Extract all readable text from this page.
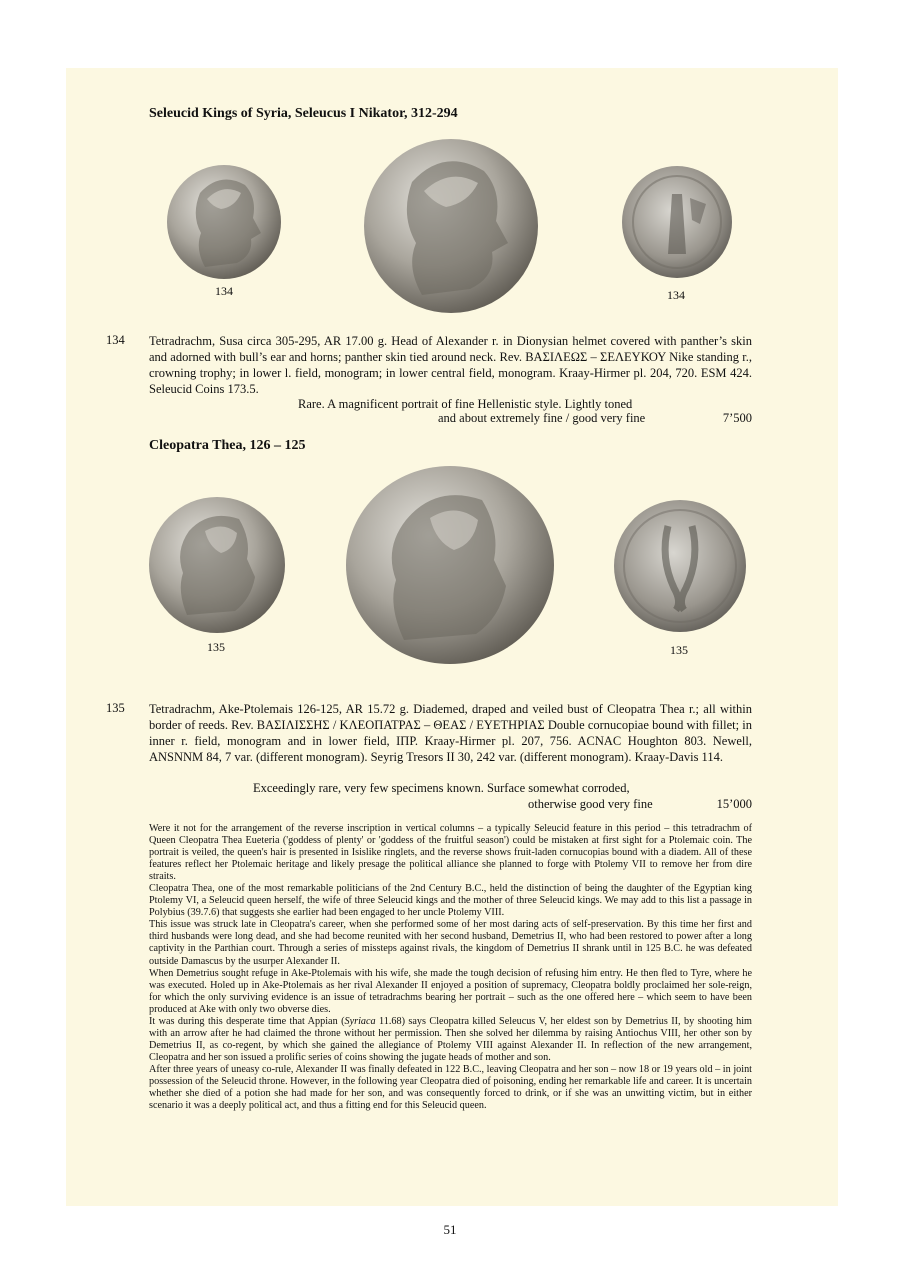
Seleucid Kings of Syria, Seleucus I Nikator, 312-294
134	134
134 Tetradrachm, Susa circa 305-295, AR 17.00 g. Head of Alexander r. in Dionysian helmet covered with panther’s skin and adorned with bull’s ear and horns; panther skin tied around neck. Rev. ΒΑΣΙΛΕΩΣ – ΣΕΛΕΥΚΟΥ Nike standing r., crowning trophy; in lower l. field, monogram; in lower central field, monogram. Kraay-Hirmer pl. 204, 720. ESM 424. Seleucid Coins 173.5.
Rare. A magnificent portrait of fine Hellenistic style. Lightly toned
and about extremely fine / good very fine	7’500
Cleopatra Thea, 126 – 125
135	135
135 Tetradrachm, Ake-Ptolemais 126-125, AR 15.72 g. Diademed, draped and veiled bust of Cleopatra Thea r.; all within border of reeds. Rev. ΒΑΣΙΛΙΣΣΗΣ / ΚΛΕΟΠΑΤΡΑΣ – ΘΕΑΣ / ΕΥΕΤΗΡΙΑΣ Double cornucopiae bound with fillet; in inner r. field, monogram and in lower field, ΙΠΡ. Kraay-Hirmer pl. 207, 756. ACNAC Houghton 803. Newell, ANSNNM 84, 7 var. (different monogram). Seyrig Tresors II 30, 242 var. (different monogram). Kraay-Davis 114.
Exceedingly rare, very few specimens known. Surface somewhat corroded,
otherwise good very fine	15’000

Were it not for the arrangement of the reverse inscription in vertical columns – a typically Seleucid feature in this period – this tetradrachm of Queen Cleopatra Thea Eueteria ('goddess of plenty' or 'goddess of the fruitful season') could be mistaken at first sight for a Ptolemaic coin. The portrait is veiled, the queen's hair is presented in Isislike ringlets, and the reverse shows fruit-laden cornucopias bound with a diadem. All of these features reflect her Ptolemaic heritage and likely presage the political alliance she planned to forge with Ptolemy VII to remove her from dire straits.

Cleopatra Thea, one of the most remarkable politicians of the 2nd Century B.C., held the distinction of being the daughter of the Egyptian king Ptolemy VI, a Seleucid queen herself, the wife of three Seleucid kings and the mother of three Seleucid kings. We may add to this list a passage in Polybius (39.7.6) that suggests she earlier had been engaged to her uncle Ptolemy VIII.

This issue was struck late in Cleopatra's career, when she performed some of her most daring acts of self-preservation. By this time her first and third husbands were long dead, and she had become reunited with her second husband, Demetrius II, who had been restored to power after a long captivity in the Parthian court. Through a series of missteps against rivals, the kingdom of Demetrius II shrank until in 125 B.C. he was defeated outside Damascus by the usurper Alexander II.

When Demetrius sought refuge in Ake-Ptolemais with his wife, she made the tough decision of refusing him entry. He then fled to Tyre, where he was executed. Holed up in Ake-Ptolemais as her rival Alexander II enjoyed a position of supremacy, Cleopatra boldly proclaimed her sole-reign, for which the only surviving evidence is an issue of tetradrachms bearing her portrait – such as the one offered here – which seem to have been produced at Ake with only two obverse dies.

It was during this desperate time that Appian (Syriaca 11.68) says Cleopatra killed Seleucus V, her eldest son by Demetrius II, by shooting him with an arrow after he had claimed the throne without her permission. Then she solved her dilemma by raising Antiochus VIII, her other son by Demetrius II, as co-regent, by which she gained the allegiance of Ptolemy VIII against Alexander II. In reflection of the new arrangement, Cleopatra and her son issued a prolific series of coins showing the jugate heads of mother and son.

After three years of uneasy co-rule, Alexander II was finally defeated in 122 B.C., leaving Cleopatra and her son – now 18 or 19 years old – in joint possession of the Seleucid throne. However, in the following year Cleopatra died of poisoning, ending her remarkable life and career. It is uncertain whether she died of a potion she had made for her son, and was consequently forced to drink, or if she was an unwitting victim, but in either scenario it was a deeply political act, and thus a fitting end for this Seleucid queen.

51
